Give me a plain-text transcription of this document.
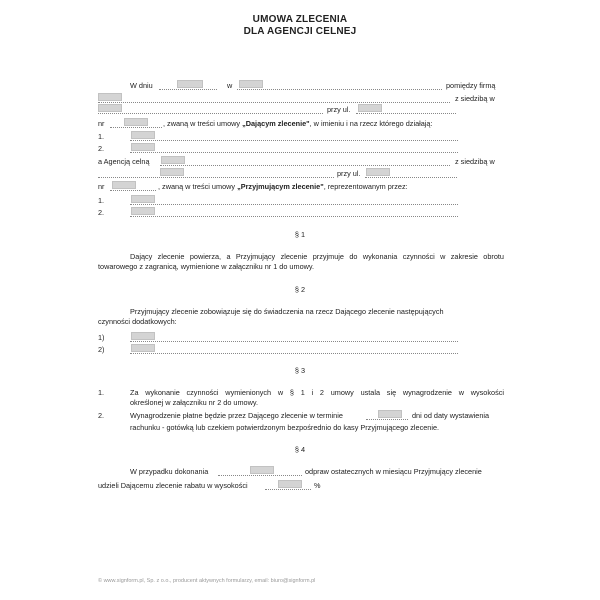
UMOWA ZLECENIA
DLA AGENCJI CELNEJ
W dniu	w	pomiędzy firmą
z siedzibą w
przy ul.
nr	, zwaną w treści umowy „Dającym zlecenie", w imieniu i na rzecz którego działają:
1.
2.
a Agencją celną	z siedzibą w
przy ul.
nr	, zwaną w treści umowy „Przyjmującym zlecenie", reprezentowanym przez:
1.
2.
§ 1
Dający zlecenie powierza, a Przyjmujący zlecenie przyjmuje do wykonania czynności w zakresie obrotu
towarowego z zagranicą, wymienione w załączniku nr 1 do umowy.
§ 2
Przyjmujący zlecenie zobowiązuje się do świadczenia na rzecz Dającego zlecenie następujących
czynności dodatkowych:
1)
2)
§ 3
1.	Za wykonanie czynności wymienionych w § 1 i 2 umowy ustala się wynagrodzenie w wysokości
określonej w załączniku nr 2 do umowy.
2.	Wynagrodzenie płatne będzie przez Dającego zlecenie w terminie	dni od daty wystawienia
rachunku - gotówką lub czekiem potwierdzonym bezpośrednio do kasy Przyjmującego zlecenie.
§ 4
W przypadku dokonania	odpraw ostatecznych w miesiącu Przyjmujący zlecenie
udzieli Dającemu zlecenie rabatu w wysokości	%
© www.signform.pl, Sp. z o.o., producent aktywnych formularzy, email: biuro@signform.pl
